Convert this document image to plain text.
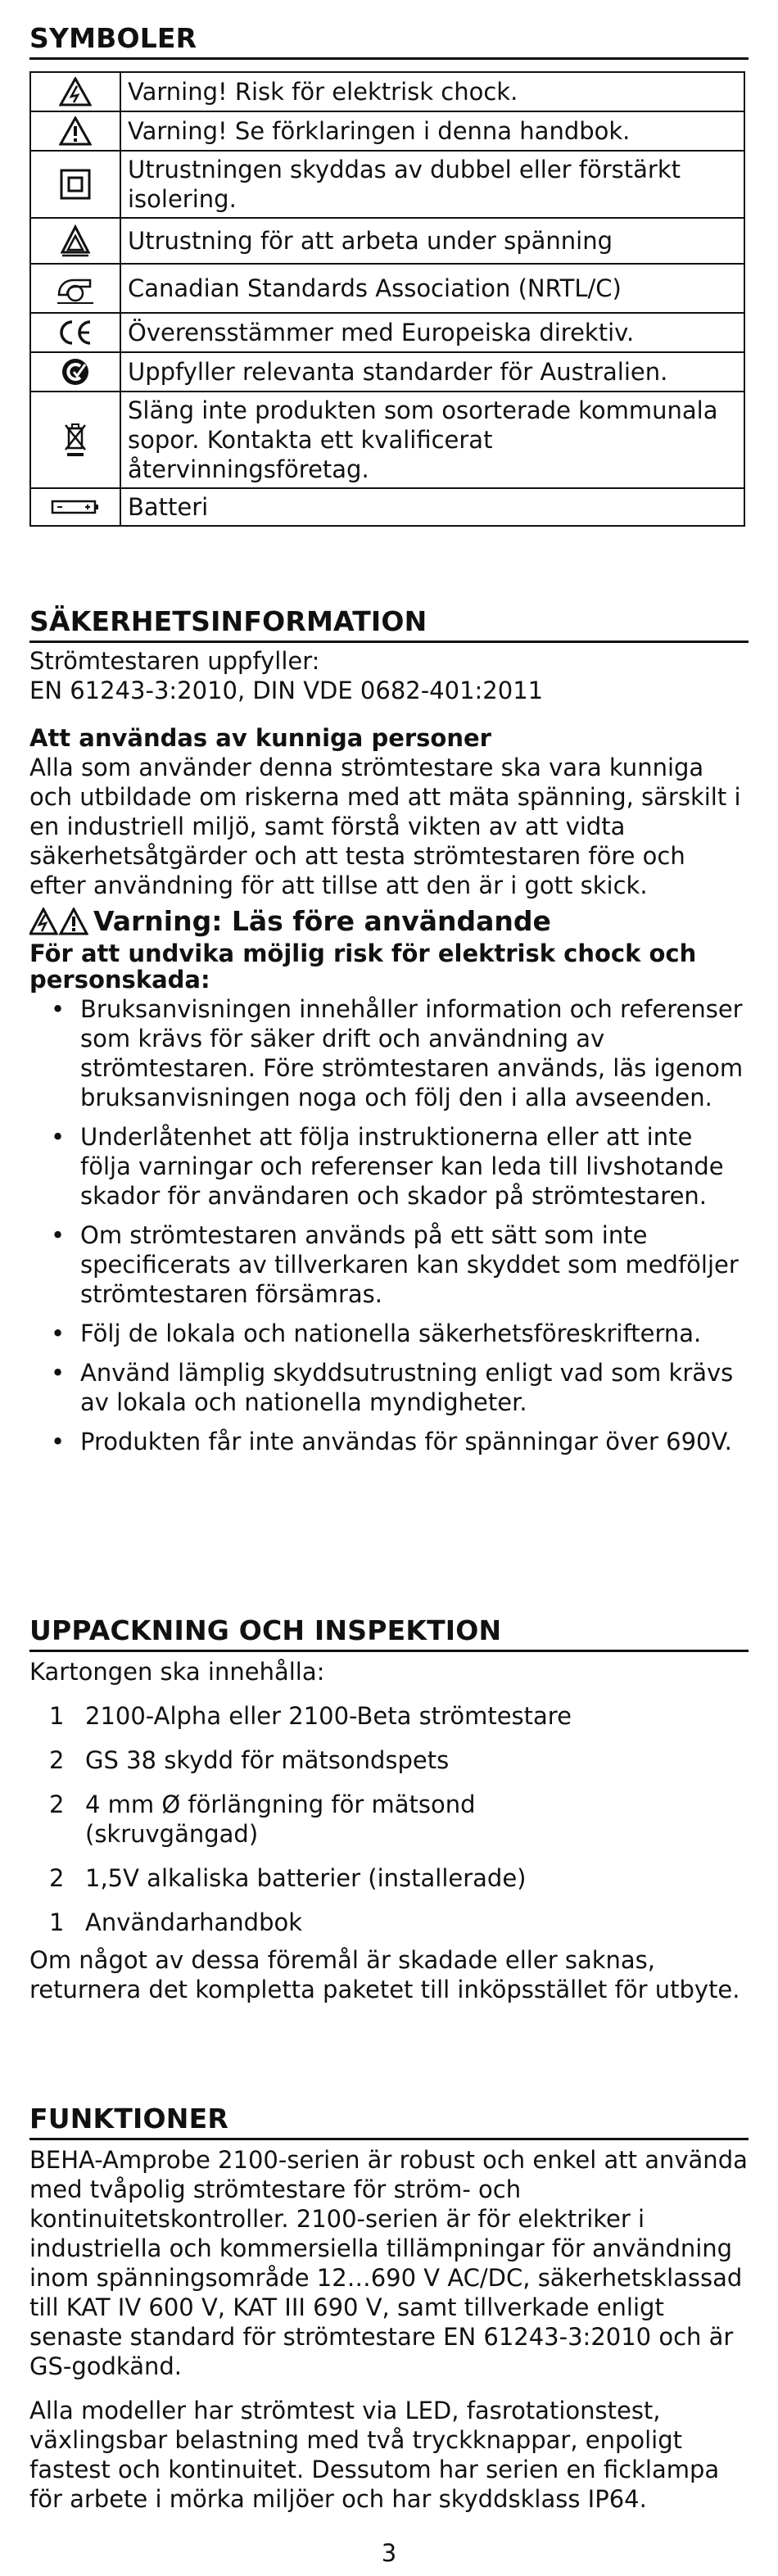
SYMBOLER
	Varning! Risk för elektrisk chock.

	Varning! Se förklaringen i denna handbok.

	Utrustningen skyddas av dubbel eller förstärkt isolering.

	Utrustning för att arbeta under spänning

	Canadian Standards Association (NRTL/C)

	Överensstämmer med Europeiska direktiv.

	Uppfyller relevanta standarder för Australien.

	Släng inte produkten som osorterade kommunala sopor. Kontakta ett kvalificerat återvinningsföretag.

	Batteri
SÄKERHETSINFORMATION

Strömtestaren uppfyller:

EN 61243-3:2010, DIN VDE 0682-401:2011

Att användas av kunniga personer

Alla som använder denna strömtestare ska vara kunniga och utbildade om riskerna med att mäta spänning, särskilt i en industriell miljö, samt förstå vikten av att vidta säkerhetsåtgärder och att testa strömtestaren före och efter användning för att tillse att den är i gott skick.

Varning: Läs före användande

För att undvika möjlig risk för elektrisk chock och personskada:

• Bruksanvisningen innehåller information och referenser som krävs för säker drift och användning av strömtestaren. Före strömtestaren används, läs igenom bruksanvisningen noga och följ den i alla avseenden.
• Underlåtenhet att följa instruktionerna eller att inte följa varningar och referenser kan leda till livshotande skador för användaren och skador på strömtestaren.
• Om strömtestaren används på ett sätt som inte specificerats av tillverkaren kan skyddet som medföljer strömtestaren försämras.
• Följ de lokala och nationella säkerhetsföreskrifterna.
• Använd lämplig skyddsutrustning enligt vad som krävs av lokala och nationella myndigheter.
• Produkten får inte användas för spänningar över 690V.
UPPACKNING OCH INSPEKTION

Kartongen ska innehålla:

1 2100-Alpha eller 2100-Beta strömtestare
2 GS 38 skydd för mätsondspets
2 4 mm Ø förlängning för mätsond (skruvgängad)
2 1,5V alkaliska batterier (installerade)
1 Användarhandbok

Om något av dessa föremål är skadade eller saknas, returnera det kompletta paketet till inköpsstället för utbyte.

FUNKTIONER

BEHA-Amprobe 2100-serien är robust och enkel att använda med tvåpolig strömtestare för ström- och kontinuitetskontroller. 2100-serien är för elektriker i industriella och kommersiella tillämpningar för användning inom spänningsområde 12…690 V AC/DC, säkerhetsklassad till KAT IV 600 V, KAT III 690 V, samt tillverkade enligt senaste standard för strömtestare EN 61243-3:2010 och är GS-godkänd.

Alla modeller har strömtest via LED, fasrotationstest, växlingsbar belastning med två tryckknappar, enpoligt fastest och kontinuitet. Dessutom har serien en ficklampa för arbete i mörka miljöer och har skyddsklass IP64.

3
